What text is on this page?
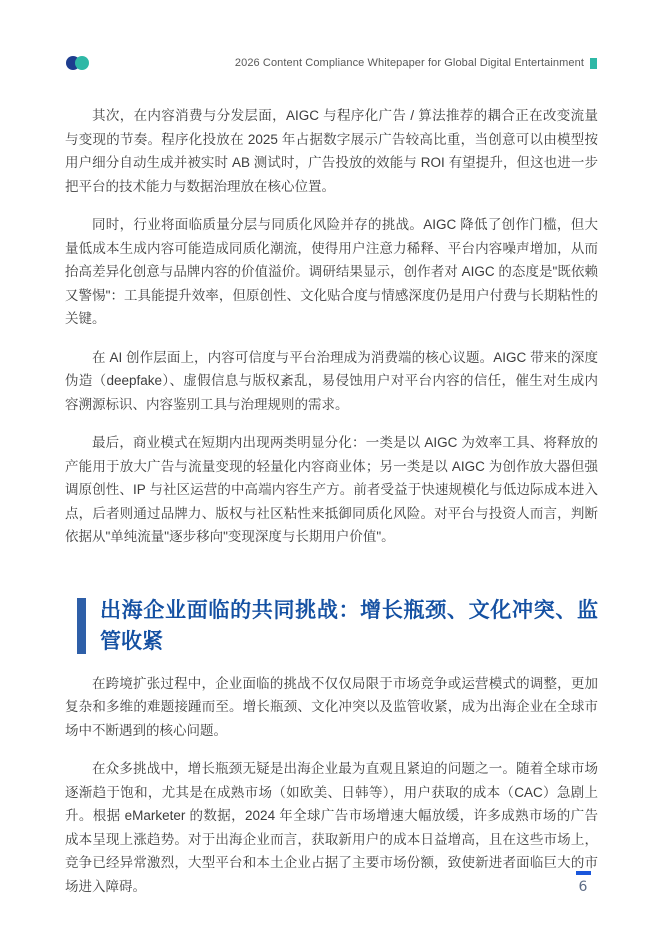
2026 Content Compliance Whitepaper for Global Digital Entertainment

其次，在内容消费与分发层面，AIGC 与程序化广告 / 算法推荐的耦合正在改变流量与变现的节奏。程序化投放在 2025 年占据数字展示广告较高比重，当创意可以由模型按用户细分自动生成并被实时 AB 测试时，广告投放的效能与 ROI 有望提升，但这也进一步把平台的技术能力与数据治理放在核心位置。

同时，行业将面临质量分层与同质化风险并存的挑战。AIGC 降低了创作门槛，但大量低成本生成内容可能造成同质化潮流，使得用户注意力稀释、平台内容噪声增加，从而抬高差异化创意与品牌内容的价值溢价。调研结果显示，创作者对 AIGC 的态度是"既依赖又警惕"：工具能提升效率，但原创性、文化贴合度与情感深度仍是用户付费与长期粘性的关键。

在 AI 创作层面上，内容可信度与平台治理成为消费端的核心议题。AIGC 带来的深度伪造（deepfake）、虚假信息与版权紊乱，易侵蚀用户对平台内容的信任，催生对生成内容溯源标识、内容鉴别工具与治理规则的需求。

最后，商业模式在短期内出现两类明显分化：一类是以 AIGC 为效率工具、将释放的产能用于放大广告与流量变现的轻量化内容商业体；另一类是以 AIGC 为创作放大器但强调原创性、IP 与社区运营的中高端内容生产方。前者受益于快速规模化与低边际成本进入点，后者则通过品牌力、版权与社区粘性来抵御同质化风险。对平台与投资人而言，判断依据从"单纯流量"逐步移向"变现深度与长期用户价值"。

出海企业面临的共同挑战：增长瓶颈、文化冲突、监管收紧

在跨境扩张过程中，企业面临的挑战不仅仅局限于市场竞争或运营模式的调整，更加复杂和多维的难题接踵而至。增长瓶颈、文化冲突以及监管收紧，成为出海企业在全球市场中不断遇到的核心问题。

在众多挑战中，增长瓶颈无疑是出海企业最为直观且紧迫的问题之一。随着全球市场逐渐趋于饱和，尤其是在成熟市场（如欧美、日韩等），用户获取的成本（CAC）急剧上升。根据 eMarketer 的数据，2024 年全球广告市场增速大幅放缓，许多成熟市场的广告成本呈现上涨趋势。对于出海企业而言，获取新用户的成本日益增高，且在这些市场上，竞争已经异常激烈，大型平台和本土企业占据了主要市场份额，致使新进者面临巨大的市场进入障碍。	6
